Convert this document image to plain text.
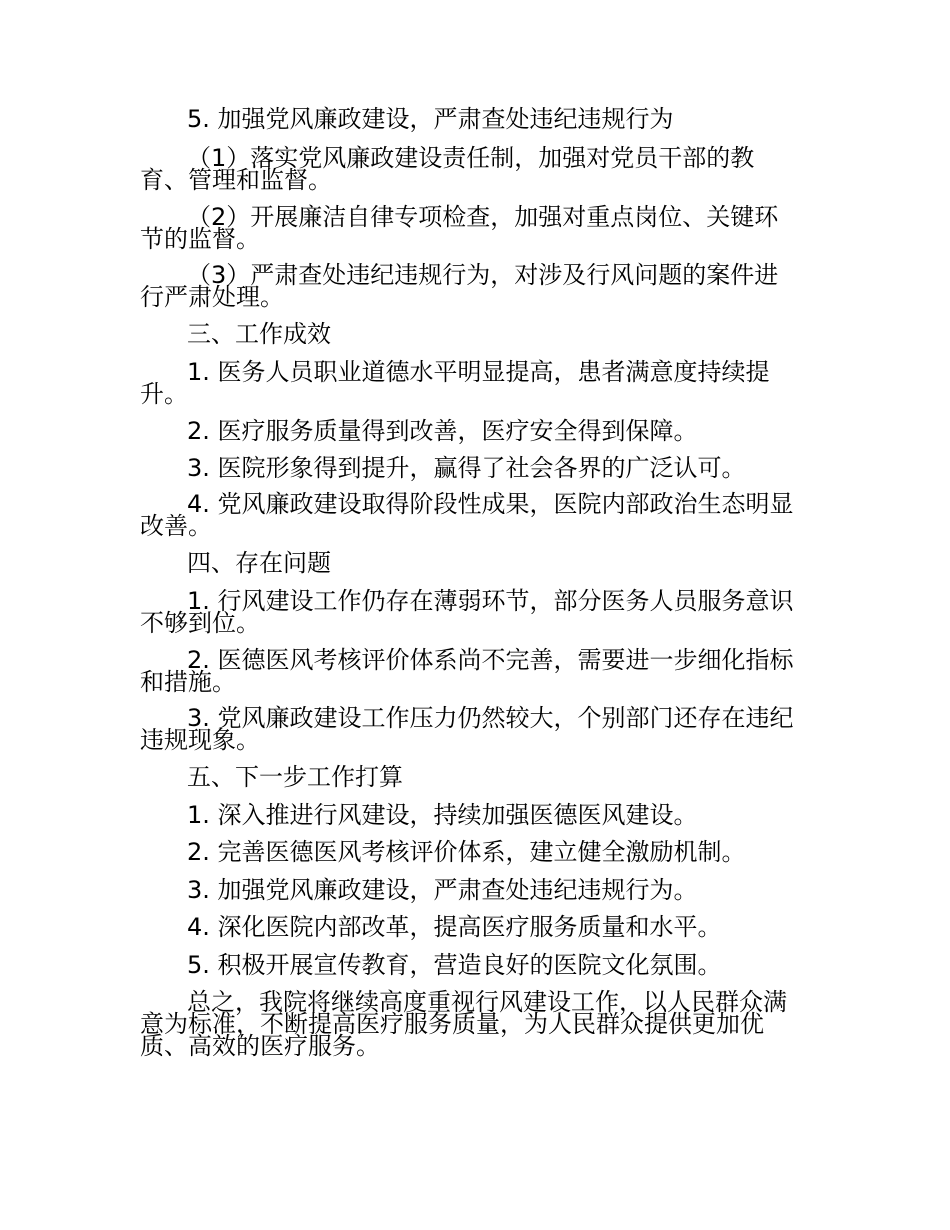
5. 加强党风廉政建设，严肃查处违纪违规行为
（1）落实党风廉政建设责任制，加强对党员干部的教
育、管理和监督。
（2）开展廉洁自律专项检查，加强对重点岗位、关键环
节的监督。
（3）严肃查处违纪违规行为，对涉及行风问题的案件进
行严肃处理。
三、工作成效
1. 医务人员职业道德水平明显提高，患者满意度持续提
升。
2. 医疗服务质量得到改善，医疗安全得到保障。
3. 医院形象得到提升，赢得了社会各界的广泛认可。
4. 党风廉政建设取得阶段性成果，医院内部政治生态明显
改善。
四、存在问题
1. 行风建设工作仍存在薄弱环节，部分医务人员服务意识
不够到位。
2. 医德医风考核评价体系尚不完善，需要进一步细化指标
和措施。
3. 党风廉政建设工作压力仍然较大，个别部门还存在违纪
违规现象。
五、下一步工作打算
1. 深入推进行风建设，持续加强医德医风建设。
2. 完善医德医风考核评价体系，建立健全激励机制。
3. 加强党风廉政建设，严肃查处违纪违规行为。
4. 深化医院内部改革，提高医疗服务质量和水平。
5. 积极开展宣传教育，营造良好的医院文化氛围。
总之，我院将继续高度重视行风建设工作，以人民群众满
意为标准，不断提高医疗服务质量，为人民群众提供更加优
质、高效的医疗服务。
